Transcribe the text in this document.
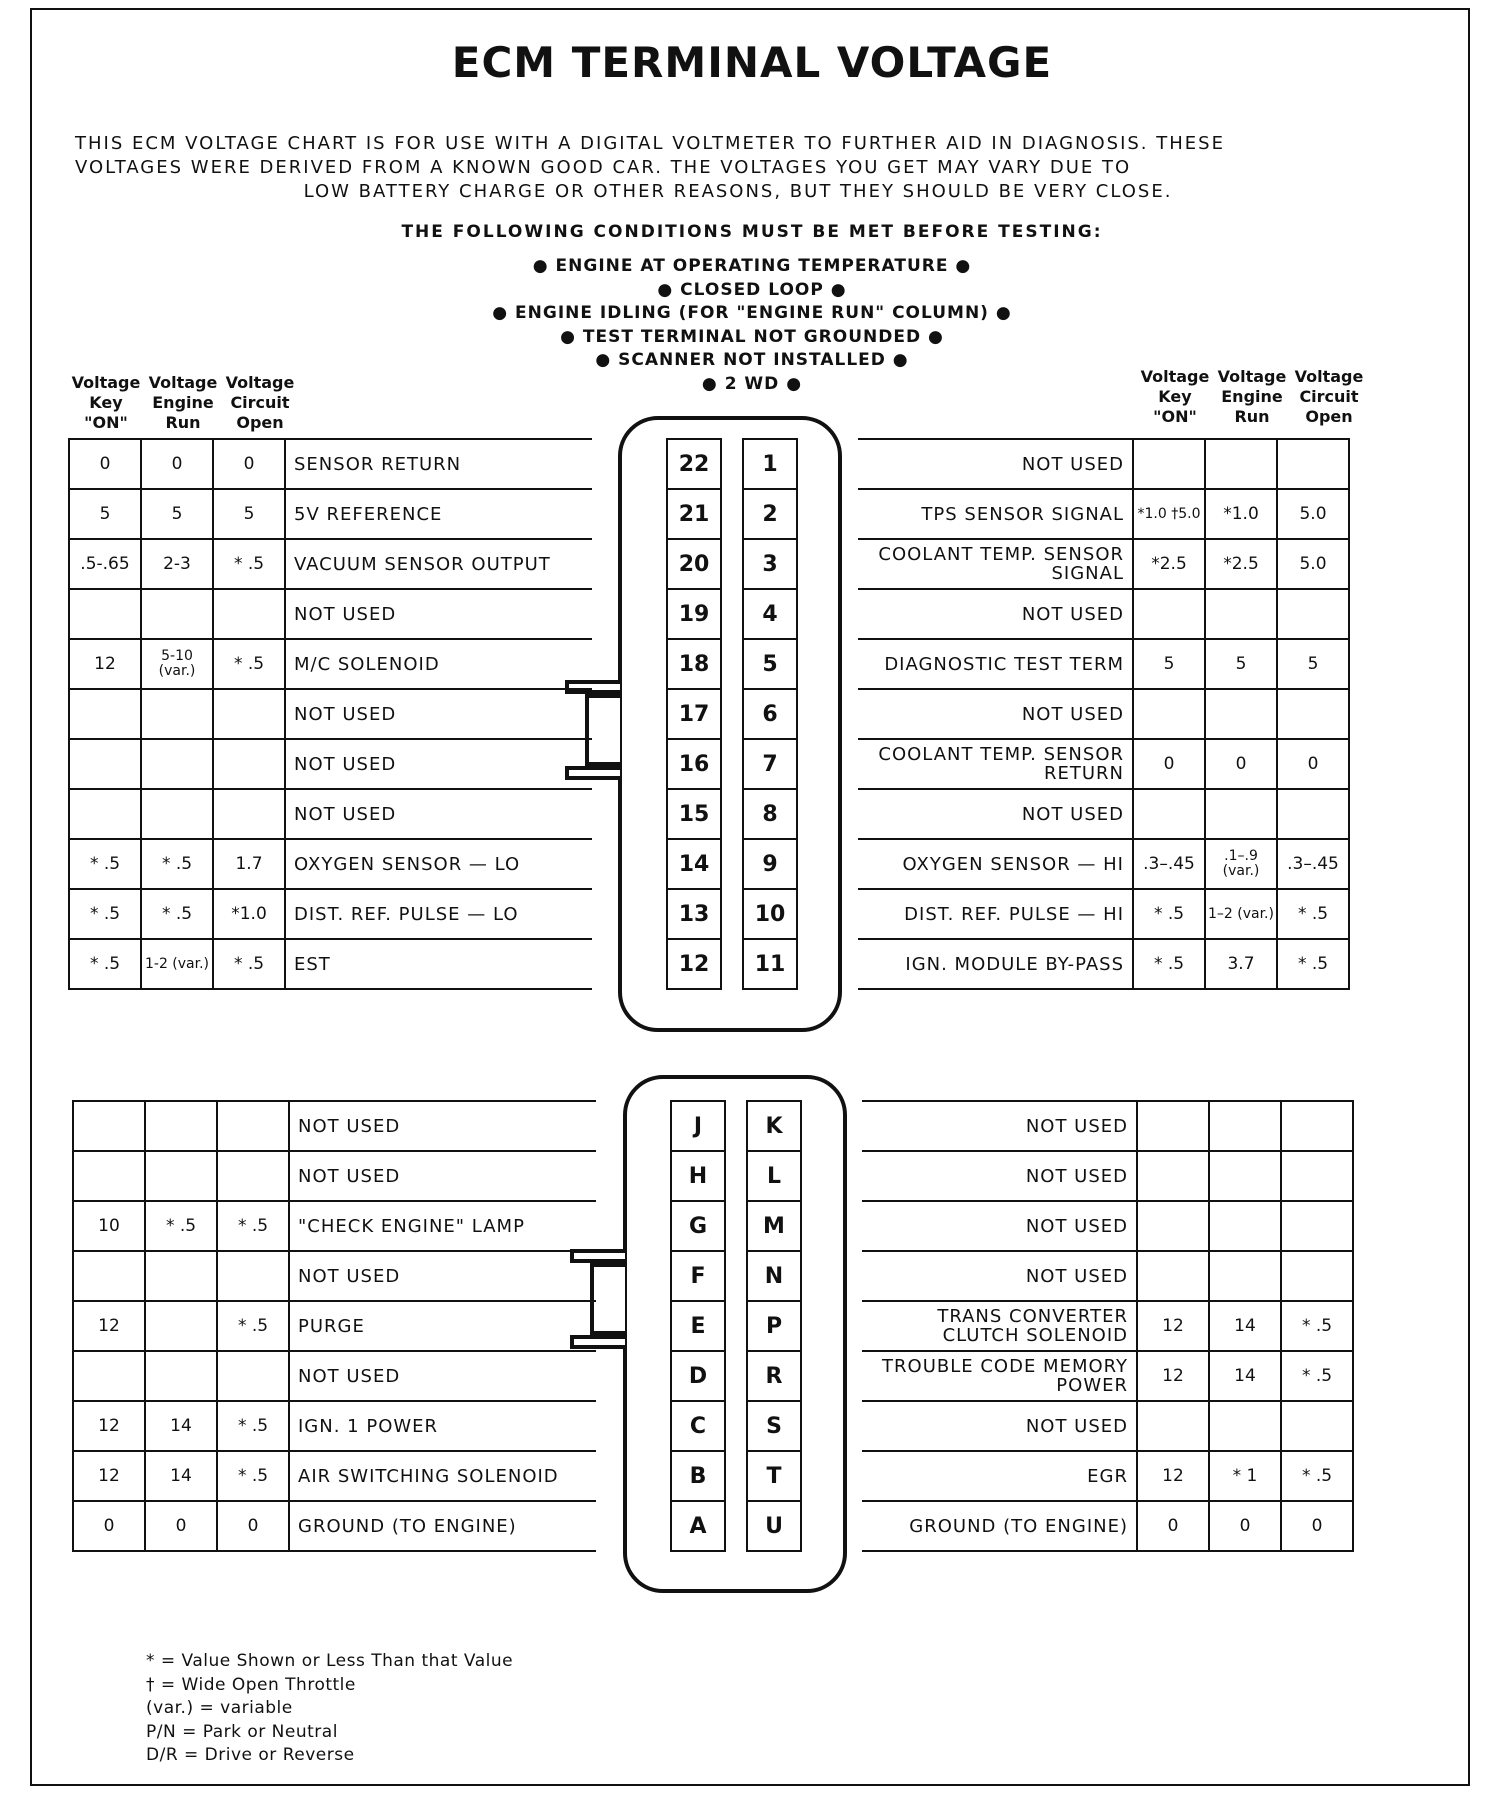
ECM TERMINAL VOLTAGE
THIS ECM VOLTAGE CHART IS FOR USE WITH A DIGITAL VOLTMETER TO FURTHER AID IN DIAGNOSIS. THESE
VOLTAGES WERE DERIVED FROM A KNOWN GOOD CAR. THE VOLTAGES YOU GET MAY VARY DUE TO
LOW BATTERY CHARGE OR OTHER REASONS, BUT THEY SHOULD BE VERY CLOSE.
THE FOLLOWING CONDITIONS MUST BE MET BEFORE TESTING:
● ENGINE AT OPERATING TEMPERATURE ●
● CLOSED LOOP ●
● ENGINE IDLING (FOR "ENGINE RUN" COLUMN) ●
● TEST TERMINAL NOT GROUNDED ●
● SCANNER NOT INSTALLED ●
● 2 WD ●
Voltage
Key
"ON"
Voltage
Engine
Run
Voltage
Circuit
Open
Voltage
Key
"ON"
Voltage
Engine
Run
Voltage
Circuit
Open
0	0	0	SENSOR RETURN
5	5	5	5V REFERENCE
.5-.65	2-3	* .5	VACUUM SENSOR OUTPUT
			NOT USED
12	5-10 (var.)	* .5	M/C SOLENOID
			NOT USED
			NOT USED
			NOT USED
* .5	* .5	1.7	OXYGEN SENSOR — LO
* .5	* .5	*1.0	DIST. REF. PULSE — LO
* .5	1-2 (var.)	* .5	EST
22		1
21		2
20		3
19		4
18		5
17		6
16		7
15		8
14		9
13		10
12		11
NOT USED			
TPS SENSOR SIGNAL	*1.0 †5.0	*1.0	5.0
COOLANT TEMP. SENSOR SIGNAL	*2.5	*2.5	5.0
NOT USED			
DIAGNOSTIC TEST TERM	5	5	5
NOT USED			
COOLANT TEMP. SENSOR RETURN	0	0	0
NOT USED			
OXYGEN SENSOR — HI	.3–.45	.1–.9 (var.)	.3–.45
DIST. REF. PULSE — HI	* .5	1–2 (var.)	* .5
IGN. MODULE BY-PASS	* .5	3.7	* .5
			NOT USED
			NOT USED
10	* .5	* .5	"CHECK ENGINE" LAMP
			NOT USED
12		* .5	PURGE
			NOT USED
12	14	* .5	IGN. 1 POWER
12	14	* .5	AIR SWITCHING SOLENOID
0	0	0	GROUND (TO ENGINE)
J		K
H		L
G		M
F		N
E		P
D		R
C		S
B		T
A		U
NOT USED			
NOT USED			
NOT USED			
NOT USED			
TRANS CONVERTER CLUTCH SOLENOID	12	14	* .5
TROUBLE CODE MEMORY POWER	12	14	* .5
NOT USED			
EGR	12	* 1	* .5
GROUND (TO ENGINE)	0	0	0
* = Value Shown or Less Than that Value
† = Wide Open Throttle
(var.) = variable
P/N = Park or Neutral
D/R = Drive or Reverse
